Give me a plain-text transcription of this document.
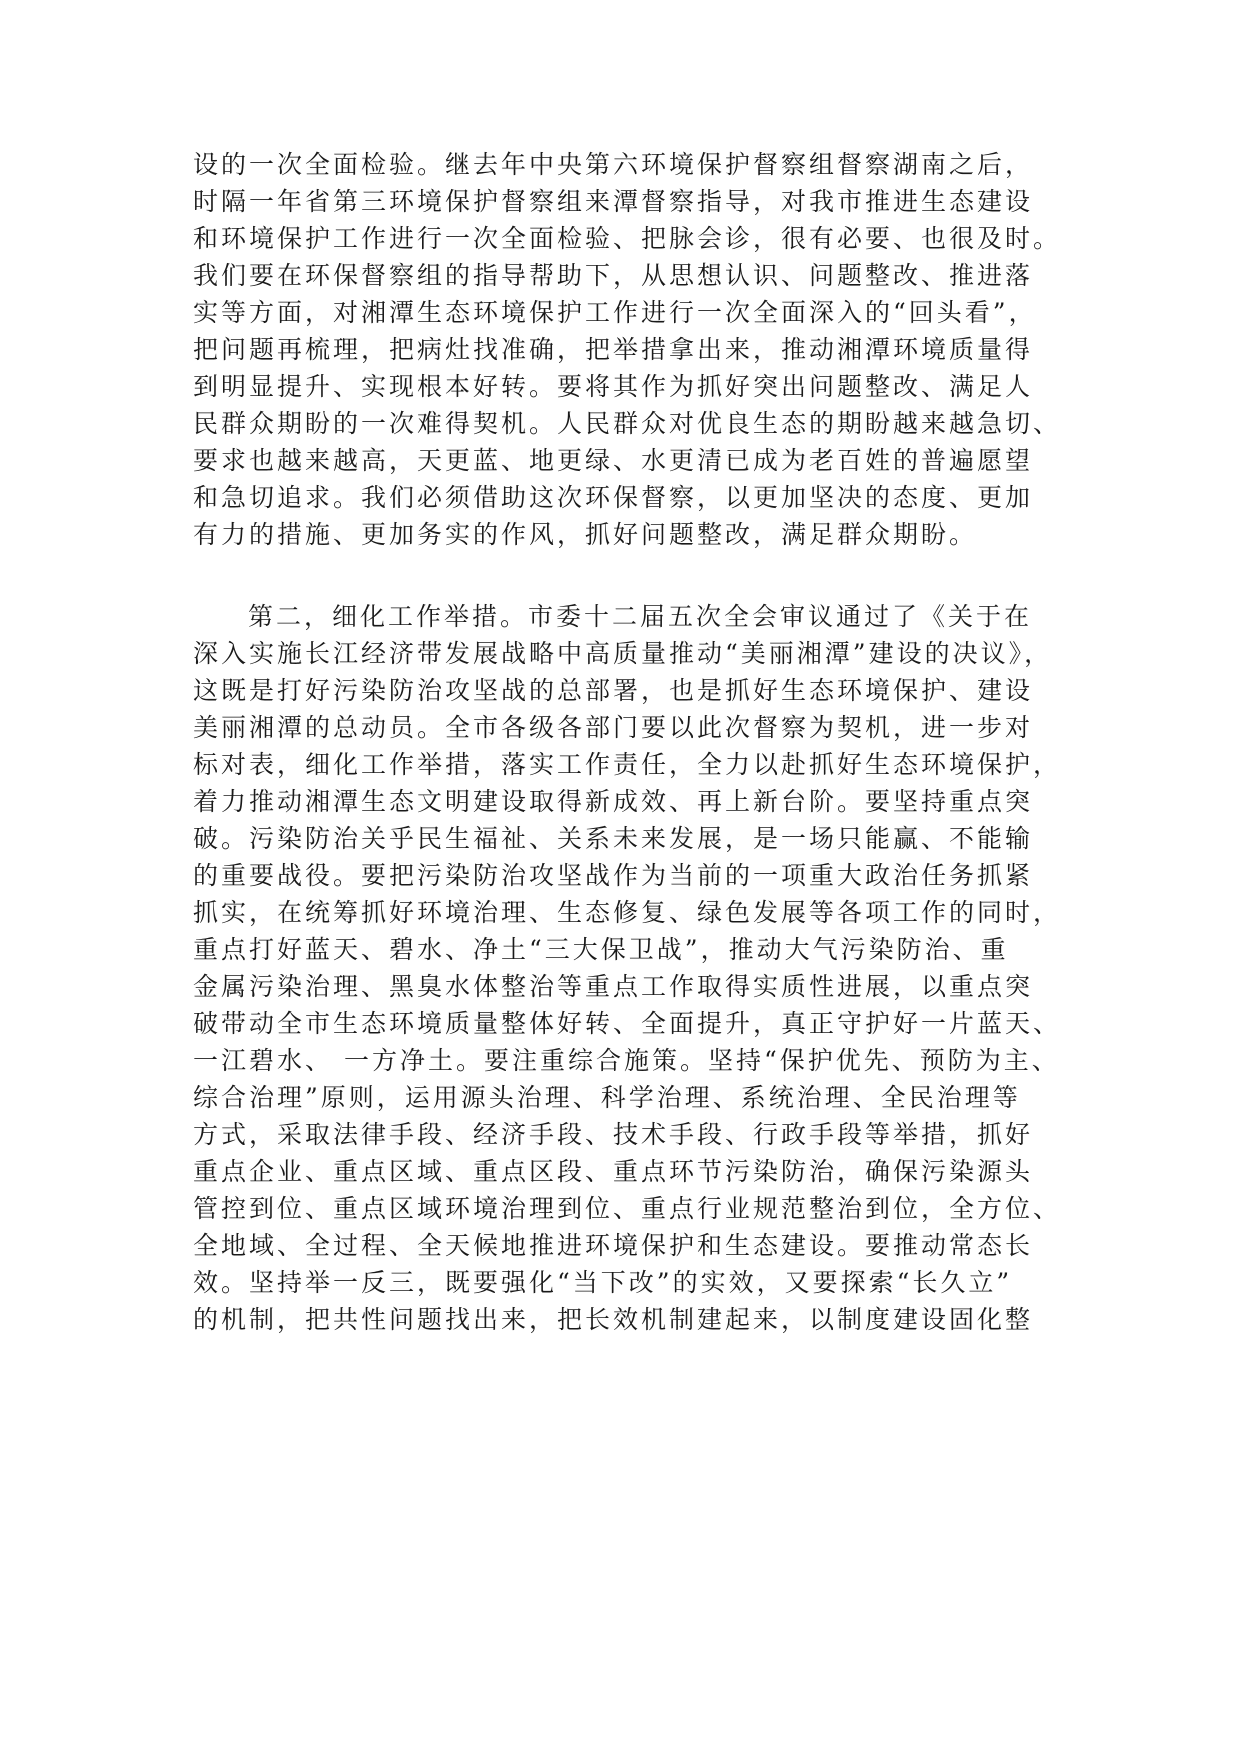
设的一次全面检验。继去年中央第六环境保护督察组督察湖南之后，
时隔一年省第三环境保护督察组来潭督察指导，对我市推进生态建设
和环境保护工作进行一次全面检验、把脉会诊，很有必要、也很及时。
我们要在环保督察组的指导帮助下，从思想认识、问题整改、推进落
实等方面，对湘潭生态环境保护工作进行一次全面深入的“回头看”，
把问题再梳理，把病灶找准确，把举措拿出来，推动湘潭环境质量得
到明显提升、实现根本好转。要将其作为抓好突出问题整改、满足人
民群众期盼的一次难得契机。人民群众对优良生态的期盼越来越急切、
要求也越来越高，天更蓝、地更绿、水更清已成为老百姓的普遍愿望
和急切追求。我们必须借助这次环保督察，以更加坚决的态度、更加
有力的措施、更加务实的作风，抓好问题整改，满足群众期盼。
第二，细化工作举措。市委十二届五次全会审议通过了《关于在
深入实施长江经济带发展战略中高质量推动“美丽湘潭”建设的决议》，
这既是打好污染防治攻坚战的总部署，也是抓好生态环境保护、建设
美丽湘潭的总动员。全市各级各部门要以此次督察为契机，进一步对
标对表，细化工作举措，落实工作责任，全力以赴抓好生态环境保护，
着力推动湘潭生态文明建设取得新成效、再上新台阶。要坚持重点突
破。污染防治关乎民生福祉、关系未来发展，是一场只能赢、不能输
的重要战役。要把污染防治攻坚战作为当前的一项重大政治任务抓紧
抓实，在统筹抓好环境治理、生态修复、绿色发展等各项工作的同时，
重点打好蓝天、碧水、净土“三大保卫战”，推动大气污染防治、重
金属污染治理、黑臭水体整治等重点工作取得实质性进展，以重点突
破带动全市生态环境质量整体好转、全面提升，真正守护好一片蓝天、
一江碧水、 一方净土。要注重综合施策。坚持“保护优先、预防为主、
综合治理”原则，运用源头治理、科学治理、系统治理、全民治理等
方式，采取法律手段、经济手段、技术手段、行政手段等举措，抓好
重点企业、重点区域、重点区段、重点环节污染防治，确保污染源头
管控到位、重点区域环境治理到位、重点行业规范整治到位，全方位、
全地域、全过程、全天候地推进环境保护和生态建设。要推动常态长
效。坚持举一反三，既要强化“当下改”的实效，又要探索“长久立”
的机制，把共性问题找出来，把长效机制建起来，以制度建设固化整
